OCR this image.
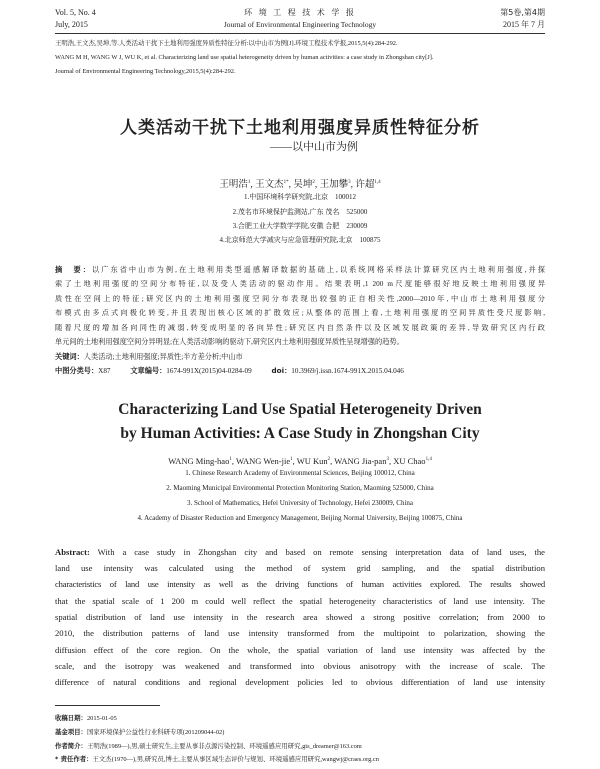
Vol. 5, No. 4
July, 2015
环 境 工 程 技 术 学 报
Journal of Environmental Engineering Technology
第5卷,第4期
2015 年 7 月
王明浩,王文杰,吴坤,等.人类活动干扰下土地利用强度异质性特征分析:以中山市为例[J].环境工程技术学报,2015,5(4):284-292.
WANG M H, WANG W J, WU K, et al. Characterizing land use spatial heterogeneity driven by human activities: a case study in Zhongshan city[J].
Journal of Environmental Engineering Technology,2015,5(4):284-292.
人类活动干扰下土地利用强度异质性特征分析
——以中山市为例
王明浩$^1$, 王文杰$^{1*}$, 吴坤$^2$, 王加攀$^3$, 许超$^{1,4}$
1.中国环境科学研究院,北京　100012
2.茂名市环境保护监测站,广东 茂名　525000
3.合肥工业大学数学学院,安徽 合肥　230009
4.北京师范大学减灾与应急管理研究院,北京　100875
摘　要：以广东省中山市为例,在土地利用类型遥感解译数据的基础上,以系统网格采样法计算研究区内土地利用强度,并探
索了土地利用强度的空间分布特征,以及受人类活动的驱动作用。结果表明,1 200 m尺度能够很好地反映土地利用强度异
质性在空间上的特征;研究区内的土地利用强度空间分布表现出较强的正自相关性,2000—2010年,中山市土地利用强度分
布模式由多点式向极化转变,并且表现出核心区域的扩散效应;从整体的范围上看,土地利用强度的空间异质性受尺度影响,
随着尺度的增加各向同性的减弱,转变成明显的各向异性;研究区内自然条件以及区域发展政策的差异,导致研究区内行政
单元间的土地利用强度空间分异明显;在人类活动影响的驱动下,研究区内土地利用强度异质性呈现增强的趋势。
关键词：人类活动;土地利用强度;异质性;半方差分析;中山市
中图分类号：X87	文章编号：1674-991X(2015)04-0284-09	doi：10.3969/j.issn.1674-991X.2015.04.046
Characterizing Land Use Spatial Heterogeneity Driven
by Human Activities: A Case Study in Zhongshan City
WANG Ming-hao$^1$, WANG Wen-jie$^1$, WU Kun$^2$, WANG Jia-pan$^3$, XU Chao$^{1,4}$
1. Chinese Research Academy of Environmental Sciences, Beijing 100012, China
2. Maoming Municipal Environmental Protection Monitoring Station, Maoming 525000, China
3. School of Mathematics, Hefei University of Technology, Hefei 230009, China
4. Academy of Disaster Reduction and Emergency Management, Beijing Normal University, Beijing 100875, China
Abstract: With a case study in Zhongshan city and based on remote sensing interpretation data of land uses, the
land use intensity was calculated using the method of system grid sampling, and the spatial distribution
characteristics of land use intensity as well as the driving functions of human activities explored. The results showed
that the spatial scale of 1 200 m could well reflect the spatial heterogeneity characteristics of land use intensity. The
spatial distribution of land use intensity in the research area showed a strong positive correlation; from 2000 to
2010, the distribution patterns of land use intensity transformed from the multipoint to polarization, showing the
diffusion effect of the core region. On the whole, the spatial variation of land use intensity was affected by the
scale, and the isotropy was weakened and transformed into obvious anisotropy with the increase of scale. The
difference of natural conditions and regional development policies led to obvious differentiation of land use intensity
收稿日期：2015-01-05
基金项目：国家环境保护公益性行业科研专项(201209044-02)
作者简介：王明浩(1989—),男,硕士研究生,主要从事非点源污染控制、环境遥感应用研究,gis_dreamer@163.com
* 责任作者：王文杰(1970—),男,研究员,博士,主要从事区域生态评价与规划、环境遥感应用研究,wangwj@craes.org.cn
